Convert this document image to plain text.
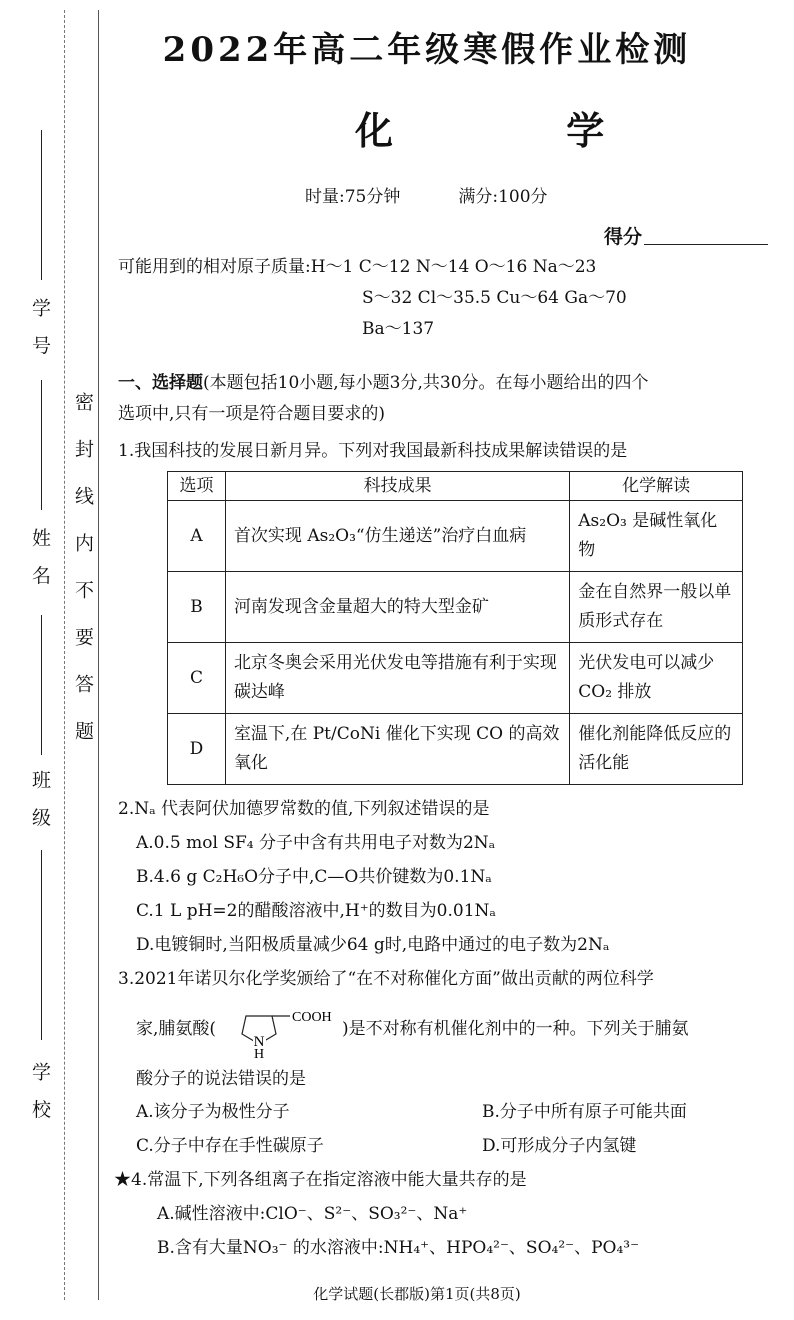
学 号
姓 名
班 级
学 校
密封线内不要答题
2022年高二年级寒假作业检测
化 学
时量:75分钟	满分:100分
得分
可能用到的相对原子质量:H～1 C～12 N～14 O～16 Na～23
S～32 Cl～35.5 Cu～64 Ga～70
Ba～137
一、选择题(本题包括10小题,每小题3分,共30分。在每小题给出的四个
选项中,只有一项是符合题目要求的)
1.我国科技的发展日新月异。下列对我国最新科技成果解读错误的是
选项	科技成果	化学解读
A	首次实现 As₂O₃“仿生递送”治疗白血病	As₂O₃ 是碱性氧化物
B	河南发现含金量超大的特大型金矿	金在自然界一般以单质形式存在
C	北京冬奥会采用光伏发电等措施有利于实现碳达峰	光伏发电可以减少CO₂ 排放
D	室温下,在 Pt/CoNi 催化下实现 CO 的高效氧化	催化剂能降低反应的活化能
2.Nₐ 代表阿伏加德罗常数的值,下列叙述错误的是
A.0.5 mol SF₄ 分子中含有共用电子对数为2Nₐ
B.4.6 g C₂H₆O分子中,C—O共价键数为0.1Nₐ
C.1 L pH=2的醋酸溶液中,H⁺的数目为0.01Nₐ
D.电镀铜时,当阳极质量减少64 g时,电路中通过的电子数为2Nₐ
3.2021年诺贝尔化学奖颁给了“在不对称催化方面”做出贡献的两位科学
家,脯氨酸(
N
H
COOH
)是不对称有机催化剂中的一种。下列关于脯氨
酸分子的说法错误的是
A.该分子为极性分子	B.分子中所有原子可能共面
C.分子中存在手性碳原子	D.可形成分子内氢键
★4.常温下,下列各组离子在指定溶液中能大量共存的是
A.碱性溶液中:ClO⁻、S²⁻、SO₃²⁻、Na⁺
B.含有大量NO₃⁻ 的水溶液中:NH₄⁺、HPO₄²⁻、SO₄²⁻、PO₄³⁻
化学试题(长郡版)第1页(共8页)
